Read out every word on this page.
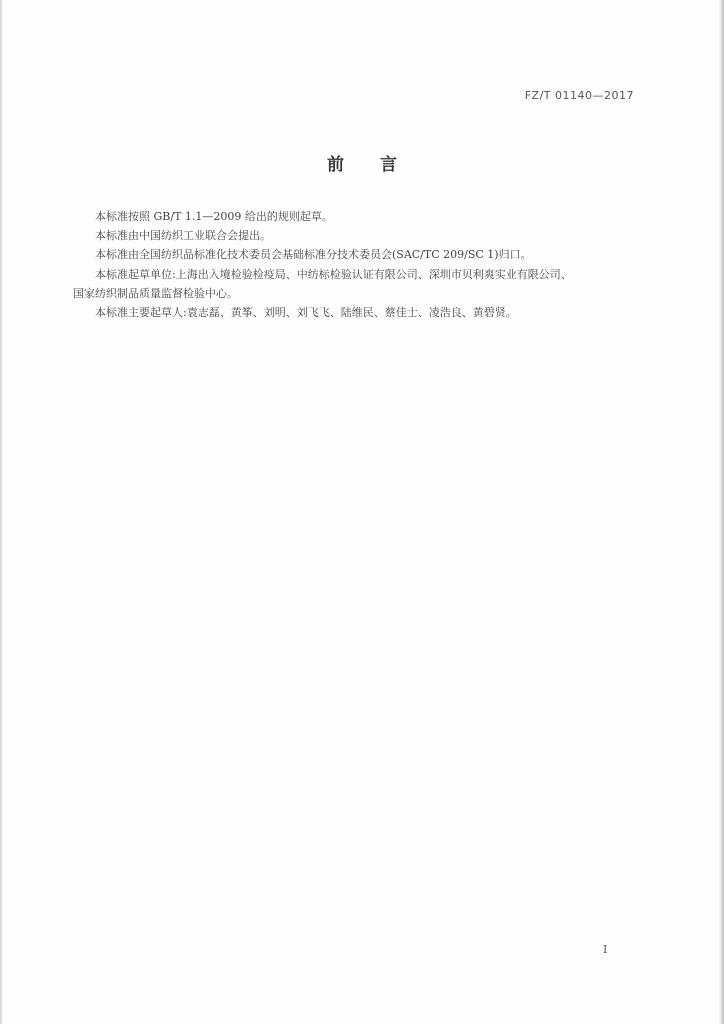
FZ/T 01140—2017
前言

本标准按照 GB/T 1.1—2009 给出的规则起草。

本标准由中国纺织工业联合会提出。

本标准由全国纺织品标准化技术委员会基础标准分技术委员会(SAC/TC 209/SC 1)归口。

本标准起草单位:上海出入境检验检疫局、中纺标检验认证有限公司、深圳市贝利爽实业有限公司、

国家纺织制品质量监督检验中心。

本标准主要起草人:袁志磊、黄筝、刘明、刘飞飞、陆维民、蔡佳士、凌浩良、黄碧贤。

I
